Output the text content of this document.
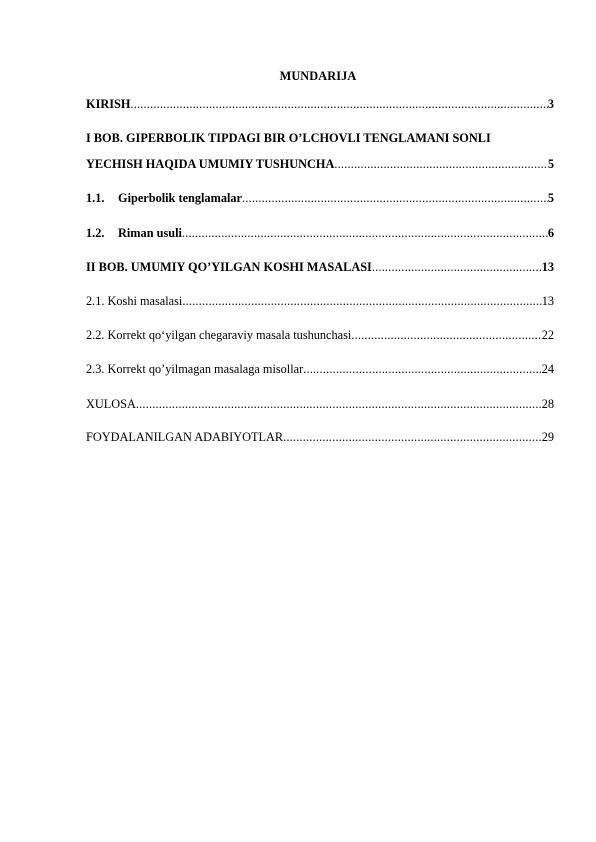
MUNDARIJA
KIRISH .....	3
I BOB. GIPERBOLIK TIPDAGI BIR O’LCHOVLI TENGLAMANI SONLI
YECHISH HAQIDA UMUMIY TUSHUNCHA .....	5
1.1.	Giperbolik tenglamalar .....	5
1.2.	Riman usuli .....	6
II BOB. UMUMIY QO’YILGAN KOSHI MASALASI .....	13
2.1. Koshi masalasi .....	13
2.2. Korrekt qo‘yilgan chegaraviy masala tushunchasi .....	22
2.3. Korrekt qo’yilmagan masalaga misollar .....	24
XULOSA .....	28
FOYDALANILGAN ADABIYOTLAR .....	29
